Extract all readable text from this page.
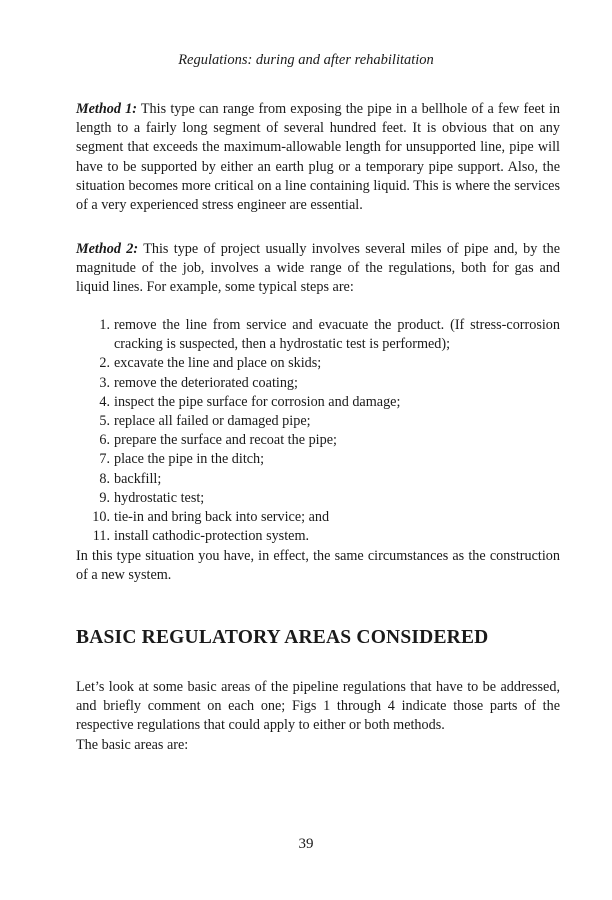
Regulations: during and after rehabilitation

Method 1: This type can range from exposing the pipe in a bellhole of a few feet in length to a fairly long segment of several hundred feet. It is obvious that on any segment that exceeds the maximum-allowable length for unsupported line, pipe will have to be supported by either an earth plug or a temporary pipe support. Also, the situation becomes more critical on a line containing liquid. This is where the services of a very experienced stress engineer are essential.

Method 2: This type of project usually involves several miles of pipe and, by the magnitude of the job, involves a wide range of the regulations, both for gas and liquid lines. For example, some typical steps are:

1. remove the line from service and evacuate the product. (If stress-corrosion cracking is suspected, then a hydrostatic test is performed);
2. excavate the line and place on skids;
3. remove the deteriorated coating;
4. inspect the pipe surface for corrosion and damage;
5. replace all failed or damaged pipe;
6. prepare the surface and recoat the pipe;
7. place the pipe in the ditch;
8. backfill;
9. hydrostatic test;
10. tie-in and bring back into service; and
11. install cathodic-protection system.

In this type situation you have, in effect, the same circumstances as the construction of a new system.

BASIC REGULATORY AREAS CONSIDERED

Let’s look at some basic areas of the pipeline regulations that have to be addressed, and briefly comment on each one; Figs 1 through 4 indicate those parts of the respective regulations that could apply to either or both methods.

The basic areas are:

39
